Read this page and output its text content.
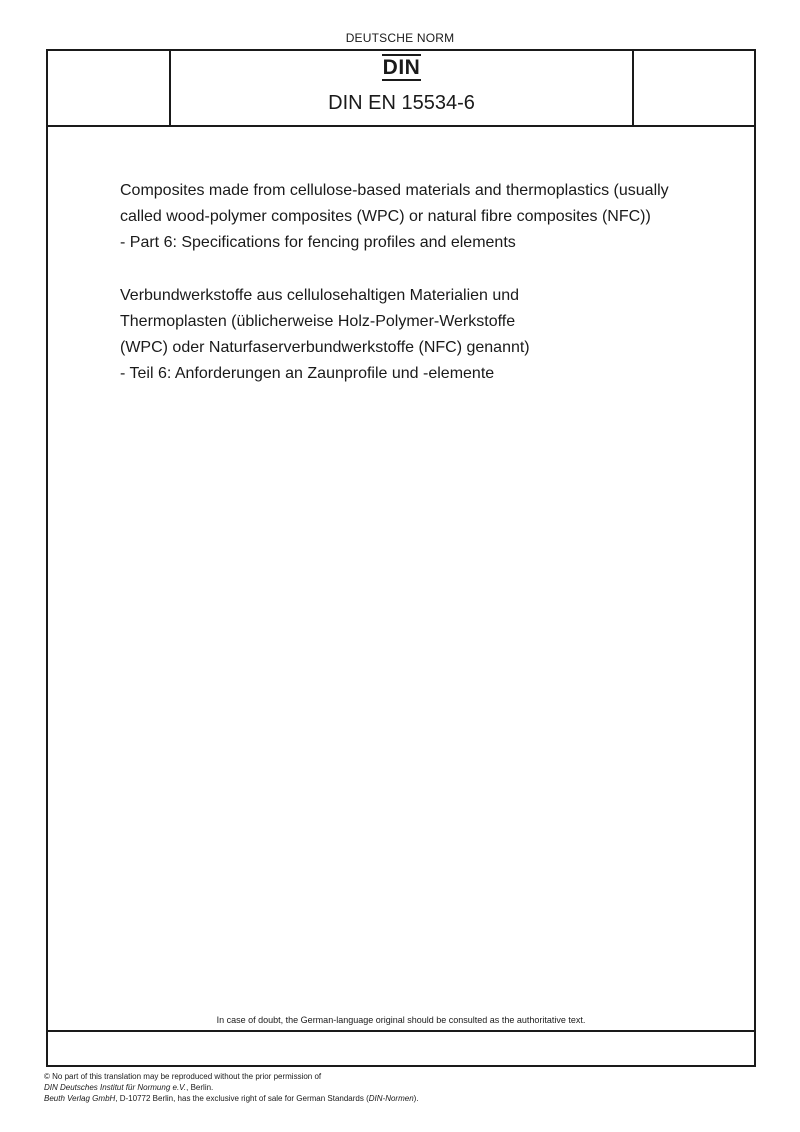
DEUTSCHE NORM
DIN
DIN EN 15534-6
Composites made from cellulose-based materials and thermoplastics (usually
called wood-polymer composites (WPC) or natural fibre composites (NFC))
- Part 6: Specifications for fencing profiles and elements
Verbundwerkstoffe aus cellulosehaltigen Materialien und
Thermoplasten (üblicherweise Holz-Polymer-Werkstoffe
(WPC) oder Naturfaserverbundwerkstoffe (NFC) genannt)
- Teil 6: Anforderungen an Zaunprofile und -elemente
In case of doubt, the German-language original should be consulted as the authoritative text.
© No part of this translation may be reproduced without the prior permission of
DIN Deutsches Institut für Normung e.V., Berlin.
Beuth Verlag GmbH, D-10772 Berlin, has the exclusive right of sale for German Standards (DIN-Normen).
